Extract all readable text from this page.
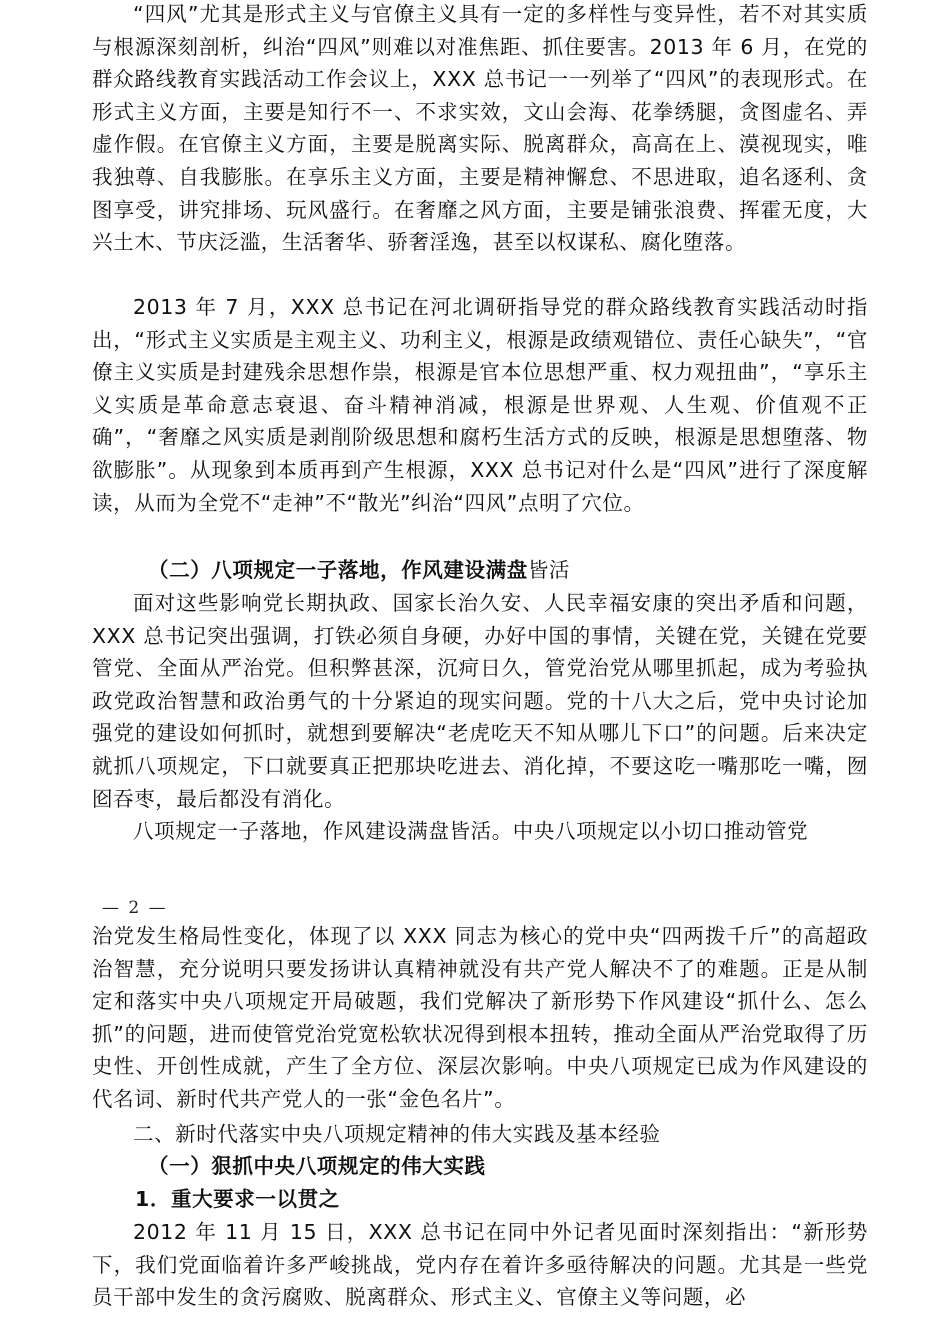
“四风”尤其是形式主义与官僚主义具有一定的多样性与变异性，若不对其实质与根源深刻剖析，纠治“四风”则难以对准焦距、抓住要害。2013 年 6 月，在党的群众路线教育实践活动工作会议上，XXX 总书记一一列举了“四风”的表现形式。在形式主义方面，主要是知行不一、不求实效，文山会海、花拳绣腿，贪图虚名、弄虚作假。在官僚主义方面，主要是脱离实际、脱离群众，高高在上、漠视现实，唯我独尊、自我膨胀。在享乐主义方面，主要是精神懈怠、不思进取，追名逐利、贪图享受，讲究排场、玩风盛行。在奢靡之风方面，主要是铺张浪费、挥霍无度，大兴土木、节庆泛滥，生活奢华、骄奢淫逸，甚至以权谋私、腐化堕落。

2013 年 7 月，XXX 总书记在河北调研指导党的群众路线教育实践活动时指出，“形式主义实质是主观主义、功利主义，根源是政绩观错位、责任心缺失”，“官僚主义实质是封建残余思想作祟，根源是官本位思想严重、权力观扭曲”，“享乐主义实质是革命意志衰退、奋斗精神消减，根源是世界观、人生观、价值观不正确”，“奢靡之风实质是剥削阶级思想和腐朽生活方式的反映，根源是思想堕落、物欲膨胀”。从现象到本质再到产生根源，XXX 总书记对什么是“四风”进行了深度解读，从而为全党不“走神”不“散光”纠治“四风”点明了穴位。

（二）八项规定一子落地，作风建设满盘皆活

面对这些影响党长期执政、国家长治久安、人民幸福安康的突出矛盾和问题，XXX 总书记突出强调，打铁必须自身硬，办好中国的事情，关键在党，关键在党要管党、全面从严治党。但积弊甚深，沉疴日久，管党治党从哪里抓起，成为考验执政党政治智慧和政治勇气的十分紧迫的现实问题。党的十八大之后，党中央讨论加强党的建设如何抓时，就想到要解决“老虎吃天不知从哪儿下口”的问题。后来决定就抓八项规定，下口就要真正把那块吃进去、消化掉，不要这吃一嘴那吃一嘴，囫囵吞枣，最后都没有消化。

八项规定一子落地，作风建设满盘皆活。中央八项规定以小切口推动管党

— 2 —

治党发生格局性变化，体现了以 XXX 同志为核心的党中央“四两拨千斤”的高超政治智慧，充分说明只要发扬讲认真精神就没有共产党人解决不了的难题。正是从制定和落实中央八项规定开局破题，我们党解决了新形势下作风建设“抓什么、怎么抓”的问题，进而使管党治党宽松软状况得到根本扭转，推动全面从严治党取得了历史性、开创性成就，产生了全方位、深层次影响。中央八项规定已成为作风建设的代名词、新时代共产党人的一张“金色名片”。

二、新时代落实中央八项规定精神的伟大实践及基本经验
（一）狠抓中央八项规定的伟大实践
1．重大要求一以贯之

2012 年 11 月 15 日，XXX 总书记在同中外记者见面时深刻指出：“新形势下，我们党面临着许多严峻挑战，党内存在着许多亟待解决的问题。尤其是一些党员干部中发生的贪污腐败、脱离群众、形式主义、官僚主义等问题，必
